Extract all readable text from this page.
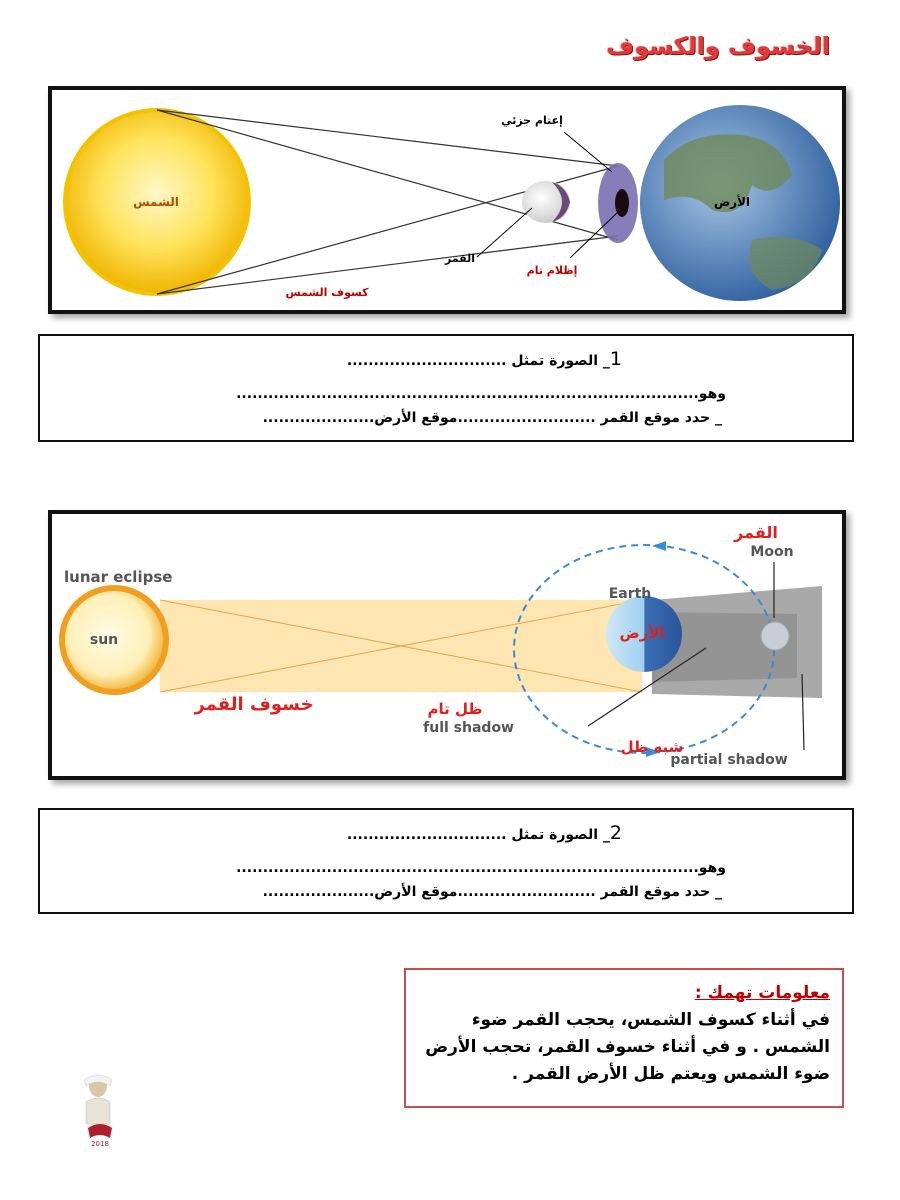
الخسوف والكسوف
الشمس	الأرض
إعتام جزئي
القمر
إظلام تام
كسوف الشمس
1_ الصورة تمثل ..............................
وهو.......................................................................................
_ حدد موقع القمر ..........................موقع الأرض.....................
lunar eclipse
sun
Earth
الأرض
القمر
Moon
ظل تام
full shadow
شبه ظل
partial shadow
خسوف القمر
2_ الصورة تمثل ..............................
وهو.......................................................................................
_ حدد موقع القمر ..........................موقع الأرض.....................
معلومات تهمك :
في أثناء كسوف الشمس، يحجب القمر ضوء الشمس . و في أثناء خسوف القمر، تحجب الأرض ضوء الشمس ويعتم ظل الأرض القمر .
2018
